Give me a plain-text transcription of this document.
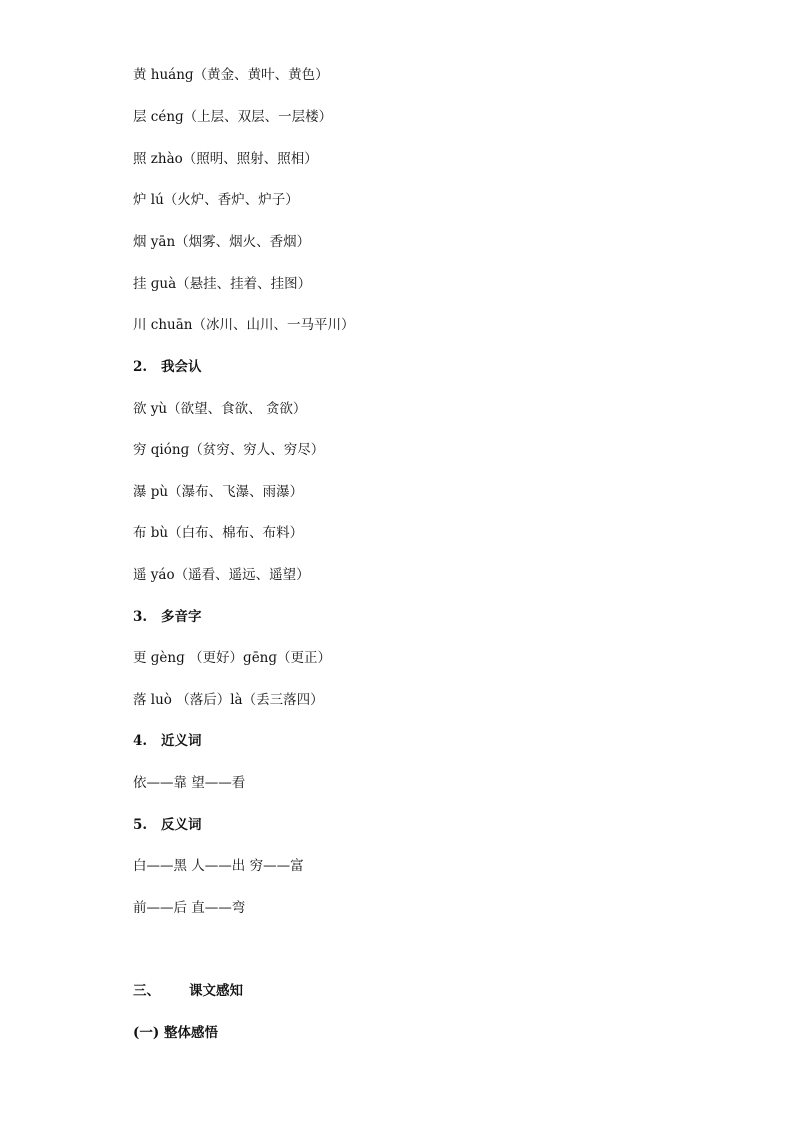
黄 huánɡ（黄金、黄叶、黄色）
层 cénɡ（上层、双层、一层楼）
照 zhào（照明、照射、照相）
炉 lú（火炉、香炉、炉子）
烟 yān（烟雾、烟火、香烟）
挂 ɡuà（悬挂、挂着、挂图）
川 chuān（冰川、山川、一马平川）
2. 我会认
欲 yù（欲望、食欲、 贪欲）
穷 qiónɡ（贫穷、穷人、穷尽）
瀑 pù（瀑布、飞瀑、雨瀑）
布 bù（白布、棉布、布料）
遥 yáo（遥看、遥远、遥望）
3. 多音字
更 ɡènɡ （更好）ɡēnɡ（更正）
落 luò （落后）là（丢三落四）
4. 近义词
依——靠 望——看
5. 反义词
白——黑 人——出 穷——富
前——后 直——弯
三、 课文感知
(一) 整体感悟
